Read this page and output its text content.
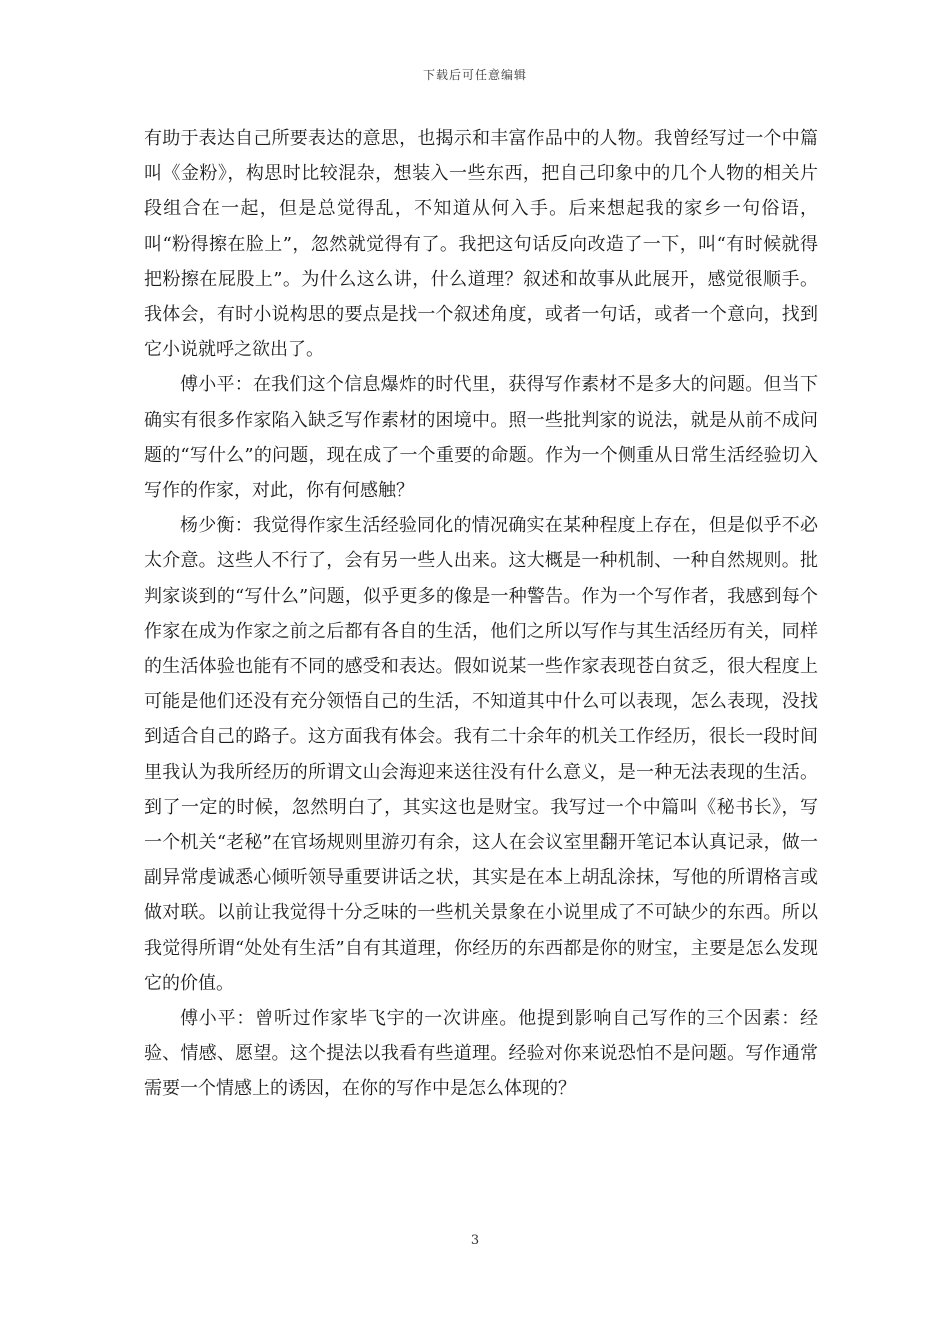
下载后可任意编辑

有助于表达自己所要表达的意思，也揭示和丰富作品中的人物。我曾经写过一个中篇叫《金粉》，构思时比较混杂，想装入一些东西，把自己印象中的几个人物的相关片段组合在一起，但是总觉得乱，不知道从何入手。后来想起我的家乡一句俗语，叫“粉得擦在脸上”，忽然就觉得有了。我把这句话反向改造了一下，叫“有时候就得把粉擦在屁股上”。为什么这么讲，什么道理？叙述和故事从此展开，感觉很顺手。我体会，有时小说构思的要点是找一个叙述角度，或者一句话，或者一个意向，找到它小说就呼之欲出了。

傅小平：在我们这个信息爆炸的时代里，获得写作素材不是多大的问题。但当下确实有很多作家陷入缺乏写作素材的困境中。照一些批判家的说法，就是从前不成问题的“写什么”的问题，现在成了一个重要的命题。作为一个侧重从日常生活经验切入写作的作家，对此，你有何感触？

杨少衡：我觉得作家生活经验同化的情况确实在某种程度上存在，但是似乎不必太介意。这些人不行了，会有另一些人出来。这大概是一种机制、一种自然规则。批判家谈到的“写什么”问题，似乎更多的像是一种警告。作为一个写作者，我感到每个作家在成为作家之前之后都有各自的生活，他们之所以写作与其生活经历有关，同样的生活体验也能有不同的感受和表达。假如说某一些作家表现苍白贫乏，很大程度上可能是他们还没有充分领悟自己的生活，不知道其中什么可以表现，怎么表现，没找到适合自己的路子。这方面我有体会。我有二十余年的机关工作经历，很长一段时间里我认为我所经历的所谓文山会海迎来送往没有什么意义，是一种无法表现的生活。到了一定的时候，忽然明白了，其实这也是财宝。我写过一个中篇叫《秘书长》，写一个机关“老秘”在官场规则里游刃有余，这人在会议室里翻开笔记本认真记录，做一副异常虔诚悉心倾听领导重要讲话之状，其实是在本上胡乱涂抹，写他的所谓格言或做对联。以前让我觉得十分乏味的一些机关景象在小说里成了不可缺少的东西。所以我觉得所谓“处处有生活”自有其道理，你经历的东西都是你的财宝，主要是怎么发现它的价值。

傅小平：曾听过作家毕飞宇的一次讲座。他提到影响自己写作的三个因素：经验、情感、愿望。这个提法以我看有些道理。经验对你来说恐怕不是问题。写作通常需要一个情感上的诱因，在你的写作中是怎么体现的？

3
